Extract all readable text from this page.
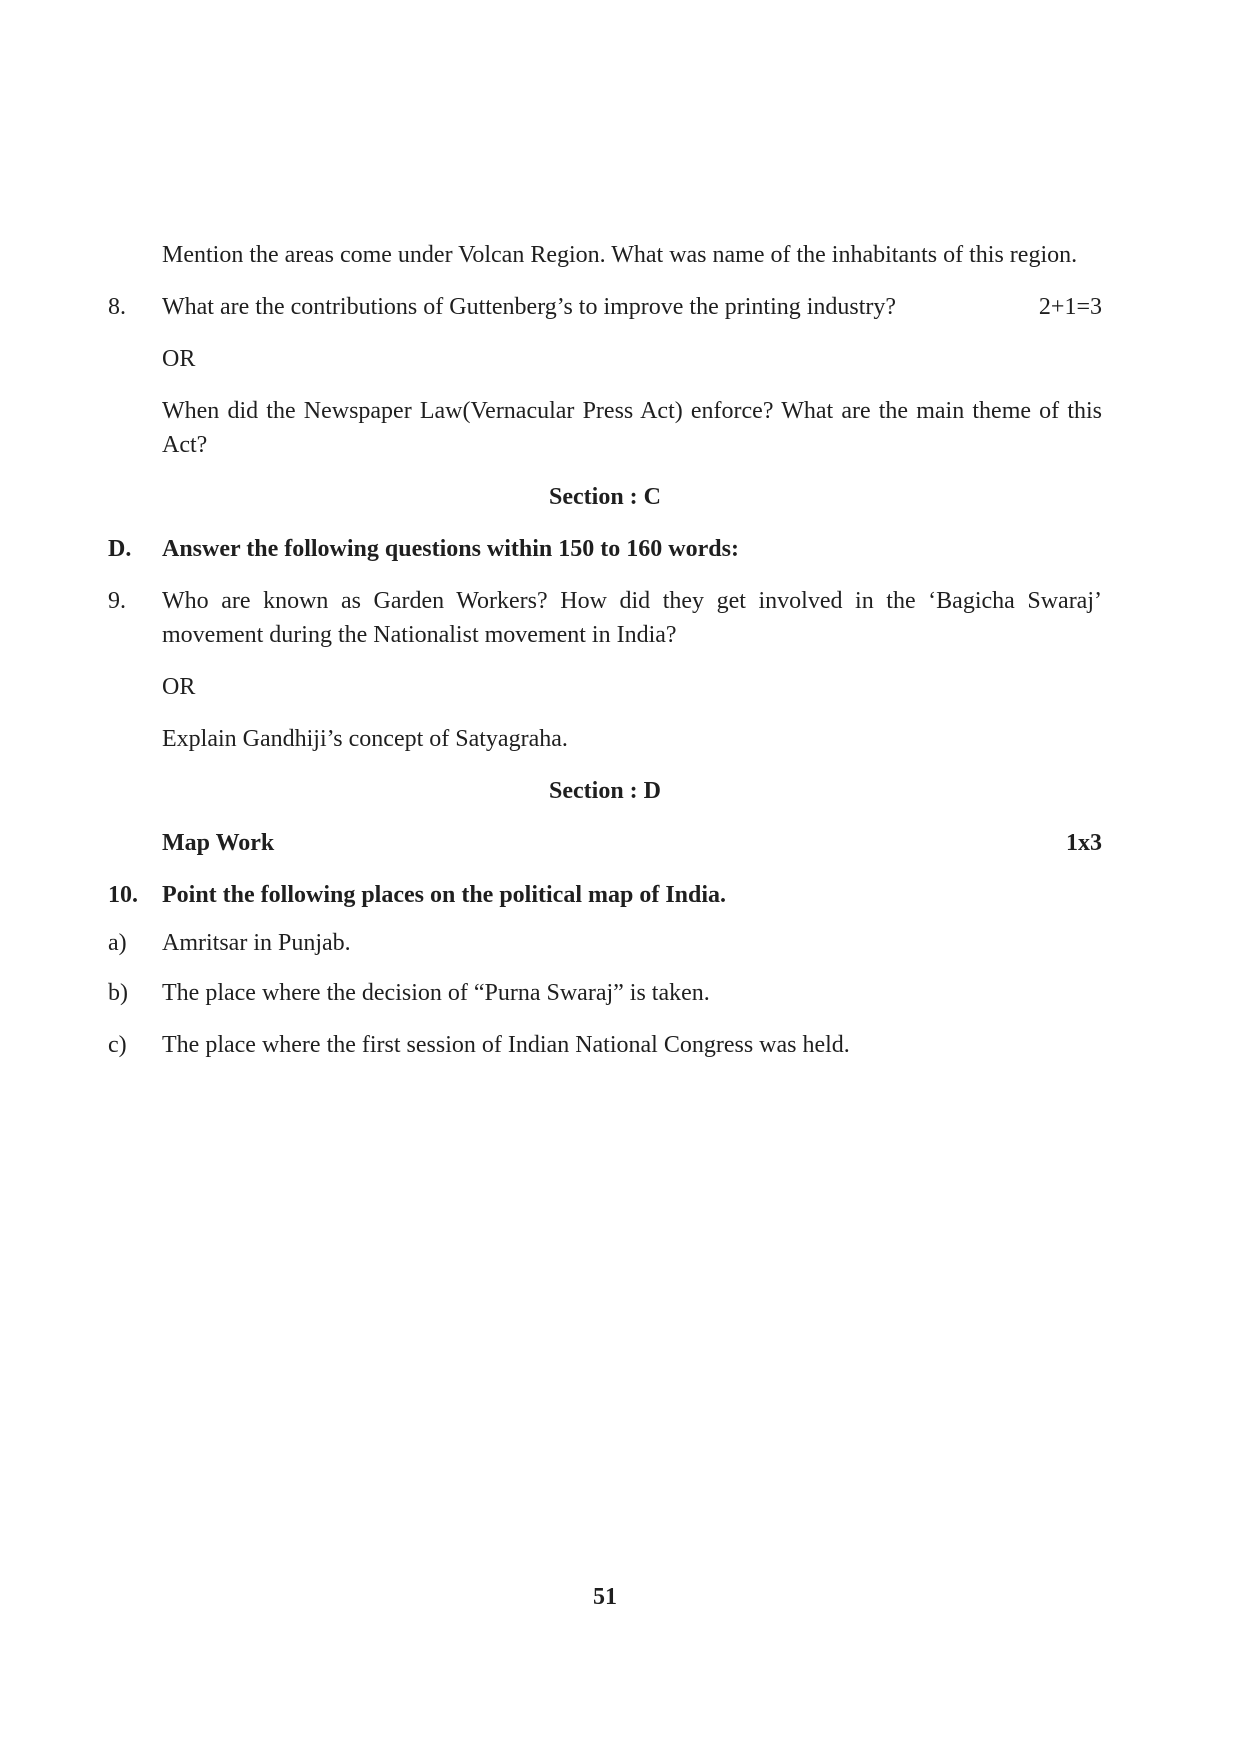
Mention the areas come under Volcan Region. What was name of the inhabitants of this region.
8. What are the contributions of Guttenberg’s to improve the printing industry?	2+1=3
OR
When did the Newspaper Law(Vernacular Press Act) enforce? What are the main theme of this Act?
Section : C
D. Answer the following questions within 150 to 160 words:
9. Who are known as Garden Workers? How did they get involved in the ‘Bagicha Swaraj’ movement during the Nationalist movement in India?
OR
Explain Gandhiji’s concept of Satyagraha.
Section : D
Map Work	1x3
10. Point the following places on the political map of India.
a) Amritsar in Punjab.
b) The place where the decision of “Purna Swaraj” is taken.
c) The place where the first session of Indian National Congress was held.
51
